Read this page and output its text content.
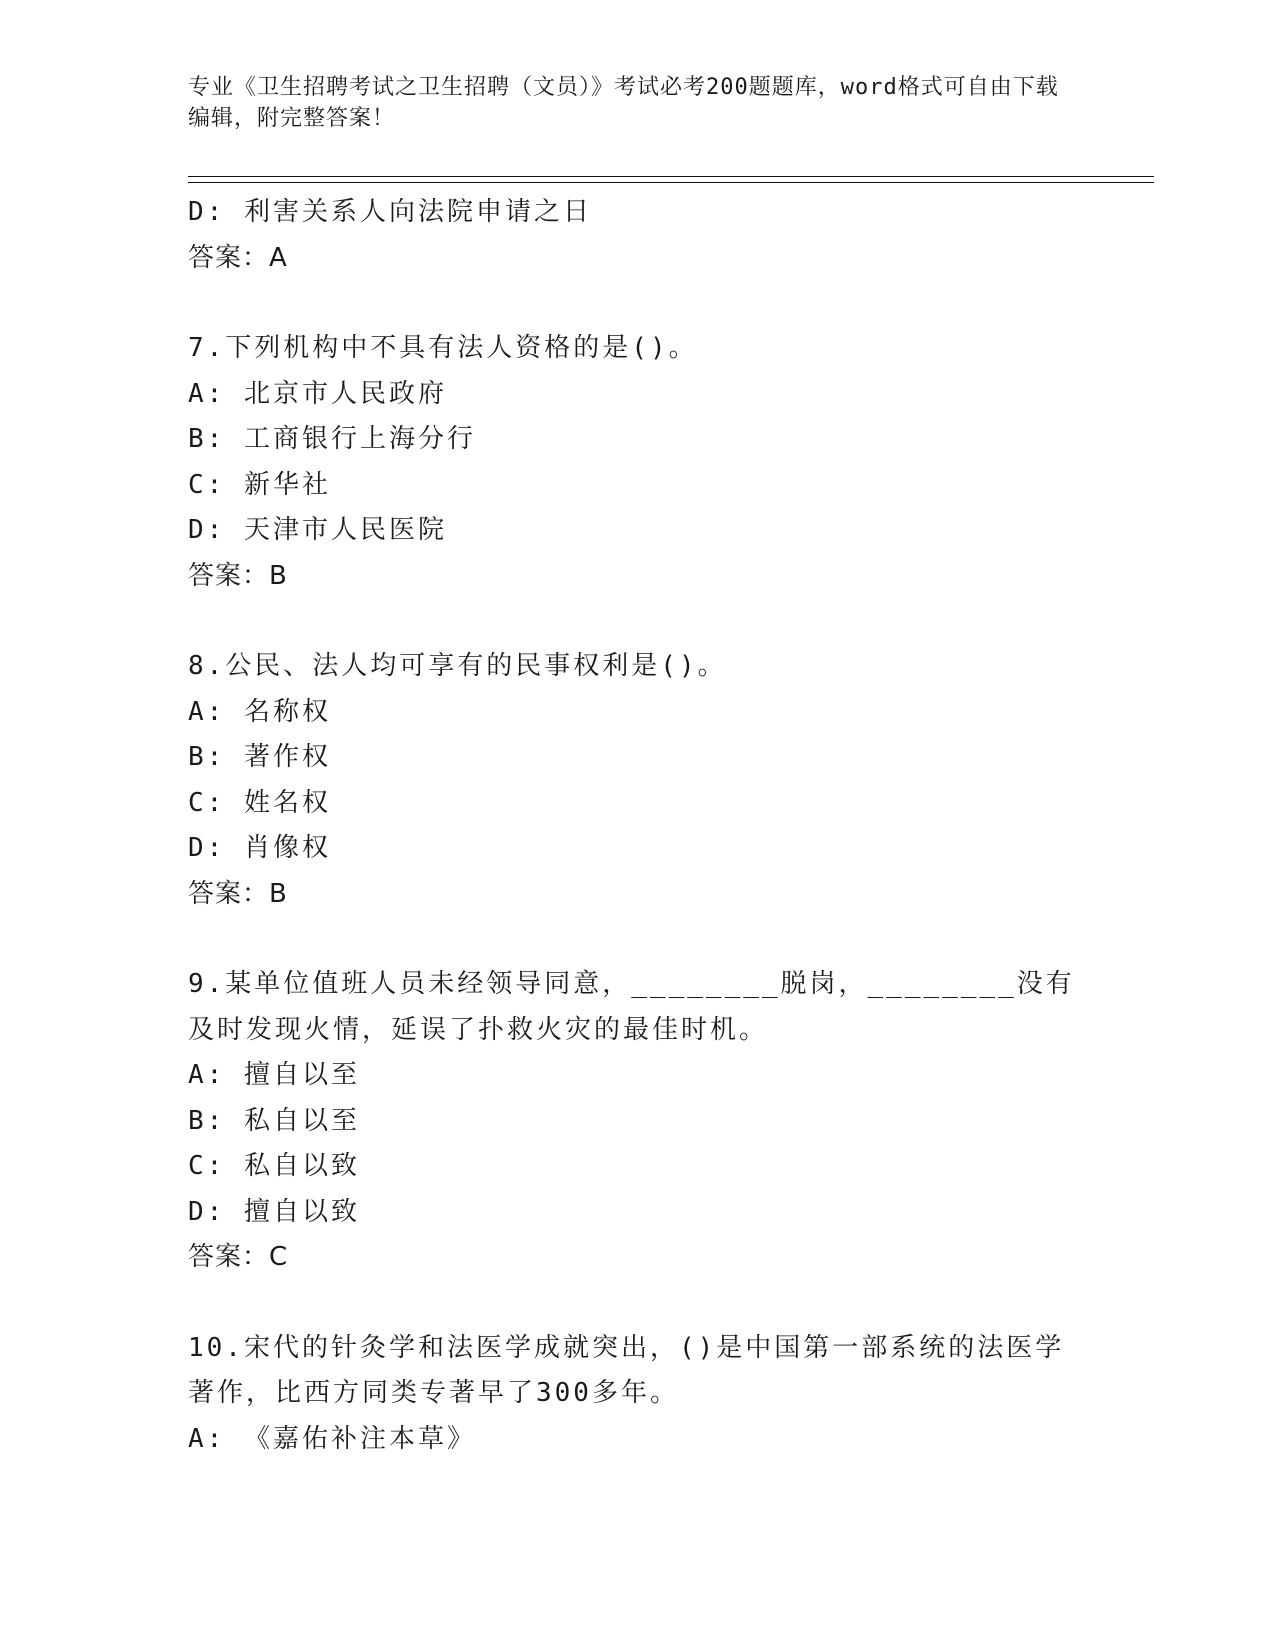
专业《卫生招聘考试之卫生招聘（文员）》考试必考200题题库，word格式可自由下载编辑，附完整答案！
D: 利害关系人向法院申请之日
答案：A
7.下列机构中不具有法人资格的是()。
A: 北京市人民政府
B: 工商银行上海分行
C: 新华社
D: 天津市人民医院
答案：B
8.公民、法人均可享有的民事权利是()。
A: 名称权
B: 著作权
C: 姓名权
D: 肖像权
答案：B
9.某单位值班人员未经领导同意，________脱岗，________没有及时发现火情，延误了扑救火灾的最佳时机。
A: 擅自以至
B: 私自以至
C: 私自以致
D: 擅自以致
答案：C
10.宋代的针灸学和法医学成就突出，()是中国第一部系统的法医学著作，比西方同类专著早了300多年。
A: 《嘉佑补注本草》
